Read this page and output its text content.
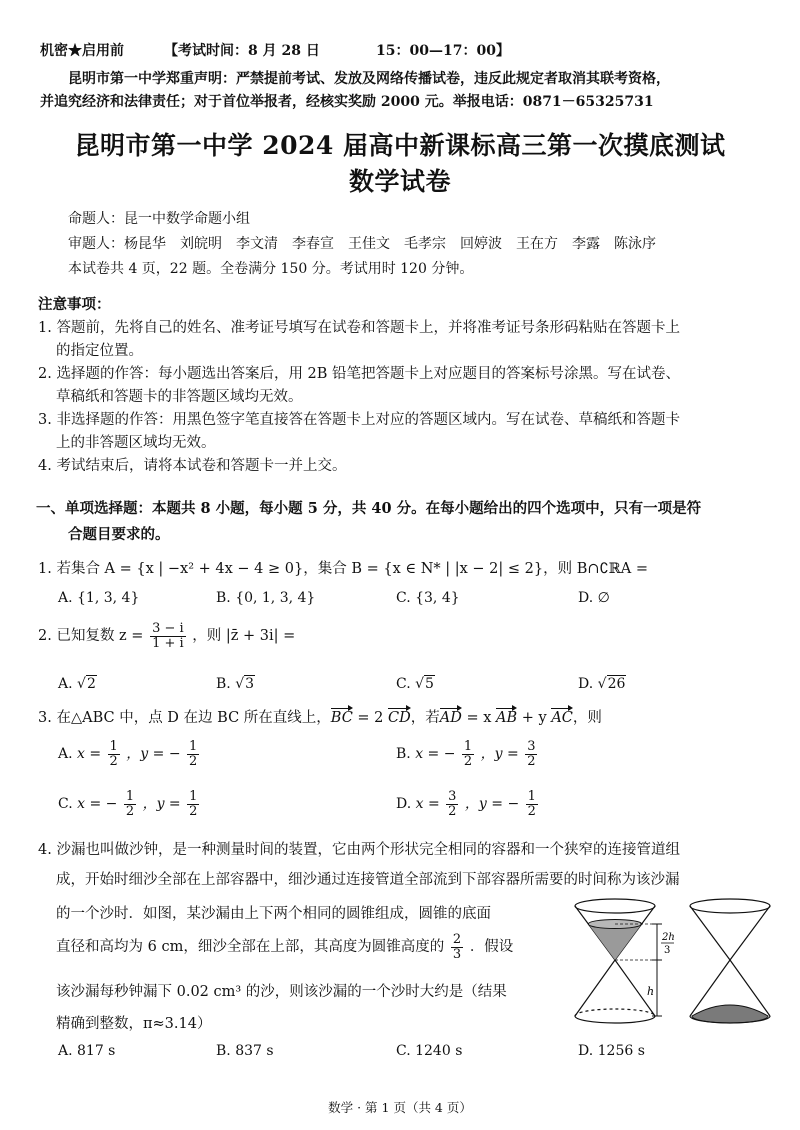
机密★启用前	【考试时间：8 月 28 日	15：00—17：00】
昆明市第一中学郑重声明：严禁提前考试、发放及网络传播试卷，违反此规定者取消其联考资格，
并追究经济和法律责任；对于首位举报者，经核实奖励 2000 元。举报电话：0871－65325731
昆明市第一中学 2024 届高中新课标高三第一次摸底测试
数学试卷
命题人：昆一中数学命题小组
审题人：杨昆华　刘皖明　李文清　李春宣　王佳文　毛孝宗　回婷波　王在方　李露　陈泳序
本试卷共 4 页，22 题。全卷满分 150 分。考试用时 120 分钟。
注意事项：
1. 答题前，先将自己的姓名、准考证号填写在试卷和答题卡上，并将准考证号条形码粘贴在答题卡上
的指定位置。
2. 选择题的作答：每小题选出答案后，用 2B 铅笔把答题卡上对应题目的答案标号涂黑。写在试卷、
草稿纸和答题卡的非答题区域均无效。
3. 非选择题的作答：用黑色签字笔直接答在答题卡上对应的答题区域内。写在试卷、草稿纸和答题卡
上的非答题区域均无效。
4. 考试结束后，请将本试卷和答题卡一并上交。
一、单项选择题：本题共 8 小题，每小题 5 分，共 40 分。在每小题给出的四个选项中，只有一项是符
合题目要求的。
1. 若集合 A = {x | −x² + 4x − 4 ≥ 0}，集合 B = {x ∈ N* | |x − 2| ≤ 2}，则 B∩∁ℝA =
A. {1, 3, 4}	B. {0, 1, 3, 4}	C. {3, 4}	D. ∅
2. 已知复数 $z = \frac{3 - i}{1 + i}$ ，则 |z̄ + 3i| =
A. √2	B. √3	C. √5	D. √26
3. 在△ABC 中，点 D 在边 BC 所在直线上，BC = 2 CD，若AD = x AB + y AC，则
A. $x = \frac{1}{2}$ ，y = − $\frac{1}{2}$	B. x = − $\frac{1}{2}$ ，$y = \frac{3}{2}$
C. x = − $\frac{1}{2}$ ，$y = \frac{1}{2}$	D. $x = \frac{3}{2}$ ，y = − $\frac{1}{2}$
4. 沙漏也叫做沙钟，是一种测量时间的装置，它由两个形状完全相同的容器和一个狭窄的连接管道组
成，开始时细沙全部在上部容器中，细沙通过连接管道全部流到下部容器所需要的时间称为该沙漏
的一个沙时．如图，某沙漏由上下两个相同的圆锥组成，圆锥的底面
直径和高均为 6 cm，细沙全部在上部，其高度为圆锥高度的 $\frac{2}{3}$ ．假设
该沙漏每秒钟漏下 0.02 cm³ 的沙，则该沙漏的一个沙时大约是（结果
精确到整数，π≈3.14）
A. 817 s	B. 837 s	C. 1240 s	D. 1256 s
2h
3
h
数学 · 第 1 页（共 4 页）
